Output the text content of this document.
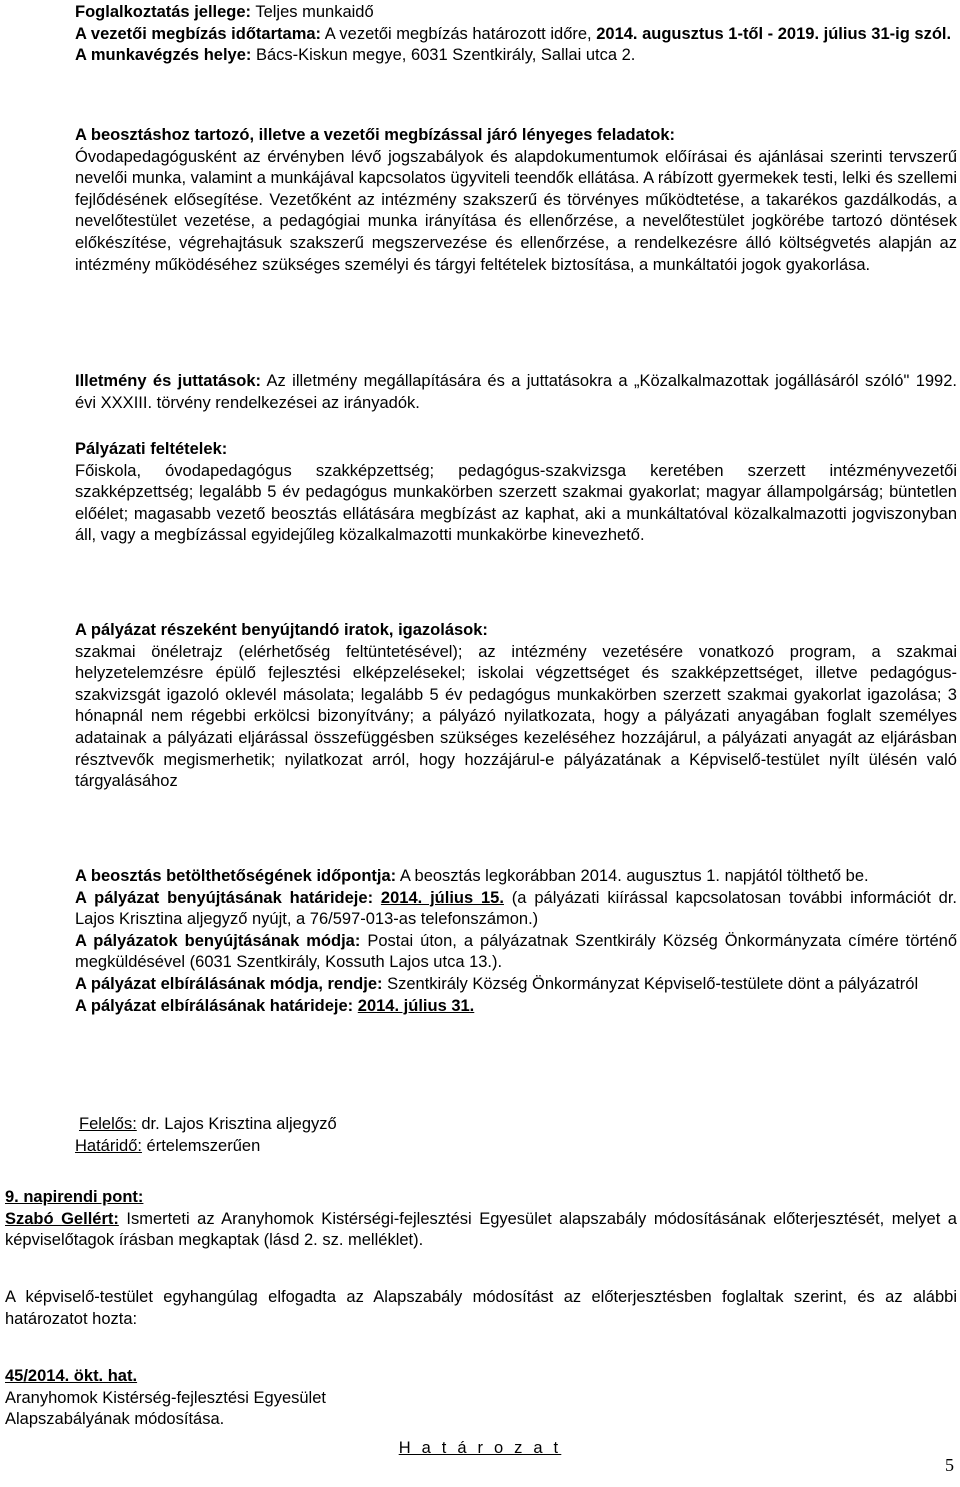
Foglalkoztatás jellege: Teljes munkaidő

A vezetői megbízás időtartama: A vezetői megbízás határozott időre, 2014. augusztus 1-től - 2019. július 31-ig szól.

A munkavégzés helye: Bács-Kiskun megye, 6031 Szentkirály, Sallai utca 2.

A beosztáshoz tartozó, illetve a vezetői megbízással járó lényeges feladatok:

Óvodapedagógusként az érvényben lévő jogszabályok és alapdokumentumok előírásai és ajánlásai szerinti tervszerű nevelői munka, valamint a munkájával kapcsolatos ügyviteli teendők ellátása. A rábízott gyermekek testi, lelki és szellemi fejlődésének elősegítése. Vezetőként az intézmény szakszerű és törvényes működtetése, a takarékos gazdálkodás, a nevelőtestület vezetése, a pedagógiai munka irányítása és ellenőrzése, a nevelőtestület jogkörébe tartozó döntések előkészítése, végrehajtásuk szakszerű megszervezése és ellenőrzése, a rendelkezésre álló költségvetés alapján az intézmény működéséhez szükséges személyi és tárgyi feltételek biztosítása, a munkáltatói jogok gyakorlása.

Illetmény és juttatások: Az illetmény megállapítására és a juttatásokra a „Közalkalmazottak jogállásáról szóló" 1992. évi XXXIII. törvény rendelkezései az irányadók.

Pályázati feltételek:

Főiskola, óvodapedagógus szakképzettség; pedagógus-szakvizsga keretében szerzett intézményvezetői szakképzettség; legalább 5 év pedagógus munkakörben szerzett szakmai gyakorlat; magyar állampolgárság; büntetlen előélet; magasabb vezető beosztás ellátására megbízást az kaphat, aki a munkáltatóval közalkalmazotti jogviszonyban áll, vagy a megbízással egyidejűleg közalkalmazotti munkakörbe kinevezhető.

A pályázat részeként benyújtandó iratok, igazolások:

szakmai önéletrajz (elérhetőség feltüntetésével); az intézmény vezetésére vonatkozó program, a szakmai helyzetelemzésre épülő fejlesztési elképzelésekel; iskolai végzettséget és szakképzettséget, illetve pedagógus-szakvizsgát igazoló oklevél másolata; legalább 5 év pedagógus munkakörben szerzett szakmai gyakorlat igazolása; 3 hónapnál nem régebbi erkölcsi bizonyítvány; a pályázó nyilatkozata, hogy a pályázati anyagában foglalt személyes adatainak a pályázati eljárással összefüggésben szükséges kezeléséhez hozzájárul, a pályázati anyagát az eljárásban résztvevők megismerhetik; nyilatkozat arról, hogy hozzájárul-e pályázatának a Képviselő-testület nyílt ülésén való tárgyalásához

A beosztás betölthetőségének időpontja: A beosztás legkorábban 2014. augusztus 1. napjától tölthető be.

A pályázat benyújtásának határideje: 2014. július 15. (a pályázati kiírással kapcsolatosan további információt dr. Lajos Krisztina aljegyző nyújt, a 76/597-013-as telefonszámon.)

A pályázatok benyújtásának módja: Postai úton, a pályázatnak Szentkirály Község Önkormányzata címére történő megküldésével (6031 Szentkirály, Kossuth Lajos utca 13.).

A pályázat elbírálásának módja, rendje: Szentkirály Község Önkormányzat Képviselő-testülete dönt a pályázatról

A pályázat elbírálásának határideje: 2014. július 31.

Felelős: dr. Lajos Krisztina aljegyző

Határidő: értelemszerűen

9. napirendi pont:

Szabó Gellért: Ismerteti az Aranyhomok Kistérségi-fejlesztési Egyesület alapszabály módosításának előterjesztését, melyet a képviselőtagok írásban megkaptak (lásd 2. sz. melléklet).

A képviselő-testület egyhangúlag elfogadta az Alapszabály módosítást az előterjesztésben foglaltak szerint, és az alábbi határozatot hozta:

45/2014. ökt. hat.

Aranyhomok Kistérség-fejlesztési Egyesület

Alapszabályának módosítása.

H a t á r o z a t

5
